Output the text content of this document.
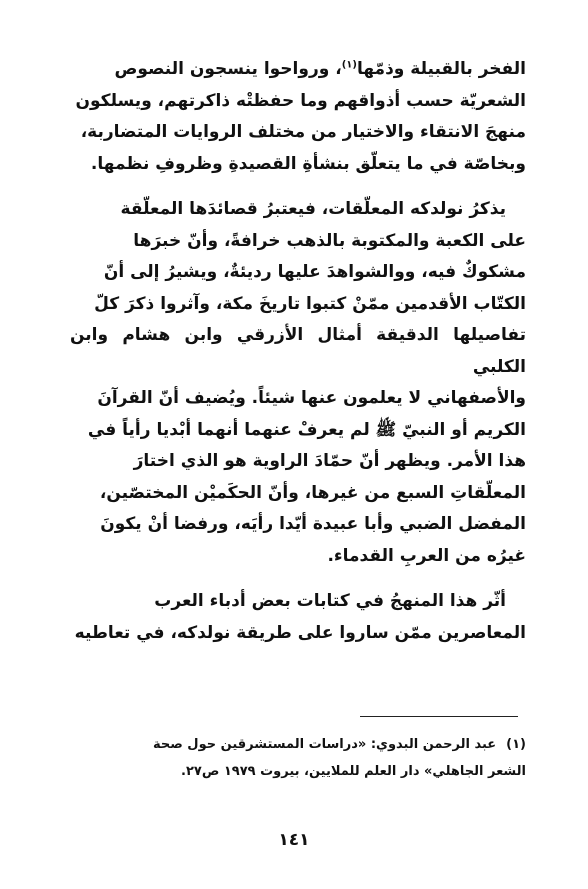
الفخر بالقبيلة وذمّها$^{(١)}$، ورواحوا ينسجون النصوص

الشعريّة حسب أذواقهم وما حفظتْه ذاكرتهم، ويسلكون

منهجَ الانتقاء والاختيار من مختلف الروايات المتضاربة،

وبخاصّة في ما يتعلّق بنشأةِ القصيدةِ وظروفِ نظمها.

يذكرُ نولدكه المعلّقات، فيعتبرُ قصائدَها المعلّقة

على الكعبة والمكتوبة بالذهب خرافةً، وأنّ خبرَها

مشكوكٌ فيه، ووالشواهدَ عليها رديئةٌ، ويشيرُ إلى أنّ

الكتّاب الأقدمين ممّنْ كتبوا تاريخَ مكة، وآثروا ذكرَ كلّ

تفاصيلها الدقيقة أمثال الأزرقي وابن هشام وابن الكلبي

والأصفهاني لا يعلمون عنها شيئاً. ويُضيف أنّ القرآنَ

الكريم أو النبيّ ﷺ لم يعرفْ عنهما أنهما أبْديا رأياً في

هذا الأمر. ويظهر أنّ حمّادَ الراوية هو الذي اختارَ

المعلّقاتِ السبع من غيرها، وأنّ الحكَميْن المختصّين،

المفضل الضبي وأبا عبيدة أيّدا رأيَه، ورفضا أنْ يكونَ

غيرُه من العربِ القدماء.

أثّر هذا المنهجُ في كتابات بعض أدباء العرب

المعاصرين ممّن ساروا على طريقة نولدكه، في تعاطيه

(١)عبد الرحمن البدوي: «دراسات المستشرقين حول صحة
الشعر الجاهلي» دار العلم للملايين، بيروت ١٩٧٩ ص٢٧.
١٤١
